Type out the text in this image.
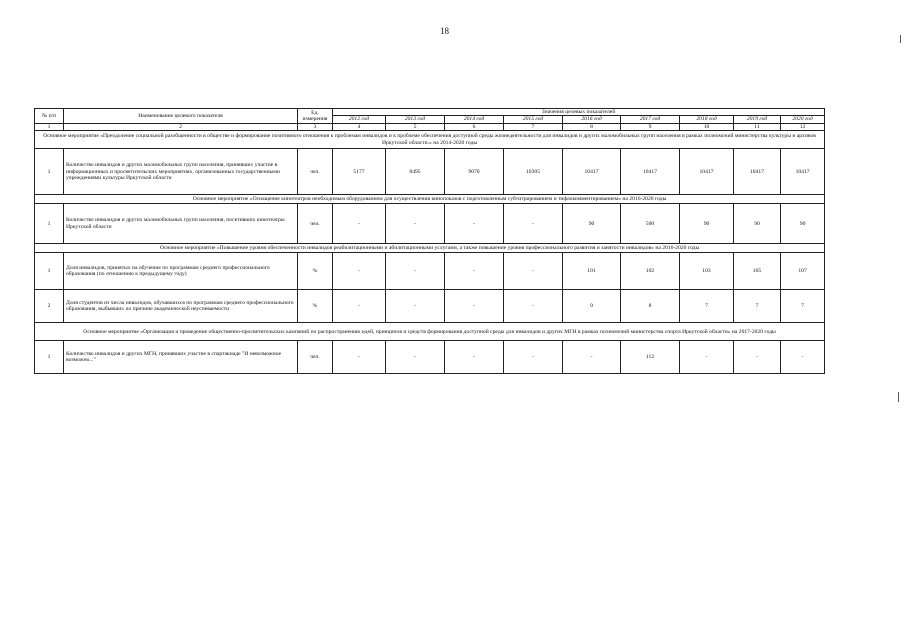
18
№ п/п	Наименование целевого показателя	Ед. измерения	Значения целевых показателей								
			2012 год	2013 год	2014 год	2015 год	2016 год	2017 год	2018 год	2019 год	2020 год
1	2	3	4	5	6	7	8	9	10	11	12
Основное мероприятие «Преодоление социальной разобщенности в обществе и формирование позитивного отношения к проблемам инвалидов и к проблеме обеспечения доступной среды жизнедеятельности для инвалидов и других маломобильных групп населения в рамках полномочий министерства культуры и архивов Иркутской области.» на 2014-2020 годы											
1	Количество инвалидов и других маломобильных групп населения, принявших участие в информационных и просветительских мероприятиях, организованных государственными учреждениями культуры Иркутской области	чел.	5177	8495	9070	10305	10417	10417	10417	10417	10417
Основное мероприятие «Оснащение кинотеатров необходимым оборудованием для осуществления кинопоказов с подготовленным субтитрированием и тифлокомментированием» на 2016-2020 годы											
1	Количество инвалидов и других маломобильных групп населения, посетивших кинотеатры Иркутской области	чел.	-	-	-	-	90	500	90	90	90
Основное мероприятие «Повышение уровня обеспеченности инвалидов реабилитационными и абилитационными услугами, а также повышение уровня профессионального развития и занятости инвалидов» на 2016-2020 годы											
1	Доля инвалидов, принятых на обучение по программам среднего профессионального образования (по отношению к предыдущему году)	%	-	-	-	-	101	102	103	105	107
2	Доля студентов из числа инвалидов, обучавшихся по программам среднего профессионального образования, выбывших по причине академической неуспеваемости	%	-	-	-	-	9	8	7	7	7
Основное мероприятие «Организация и проведение общественно-просветительских кампаний по распространению идей, принципов и средств формирования доступной среды для инвалидов и других МГН в рамках полномочий министерства спорта Иркутской области» на 2017-2020 годы											
1	Количество инвалидов и других МГН, принявших участие в спартакиаде "И невозможное возможно..."	чел.	-	-	-	-	-	112	-	-	-
